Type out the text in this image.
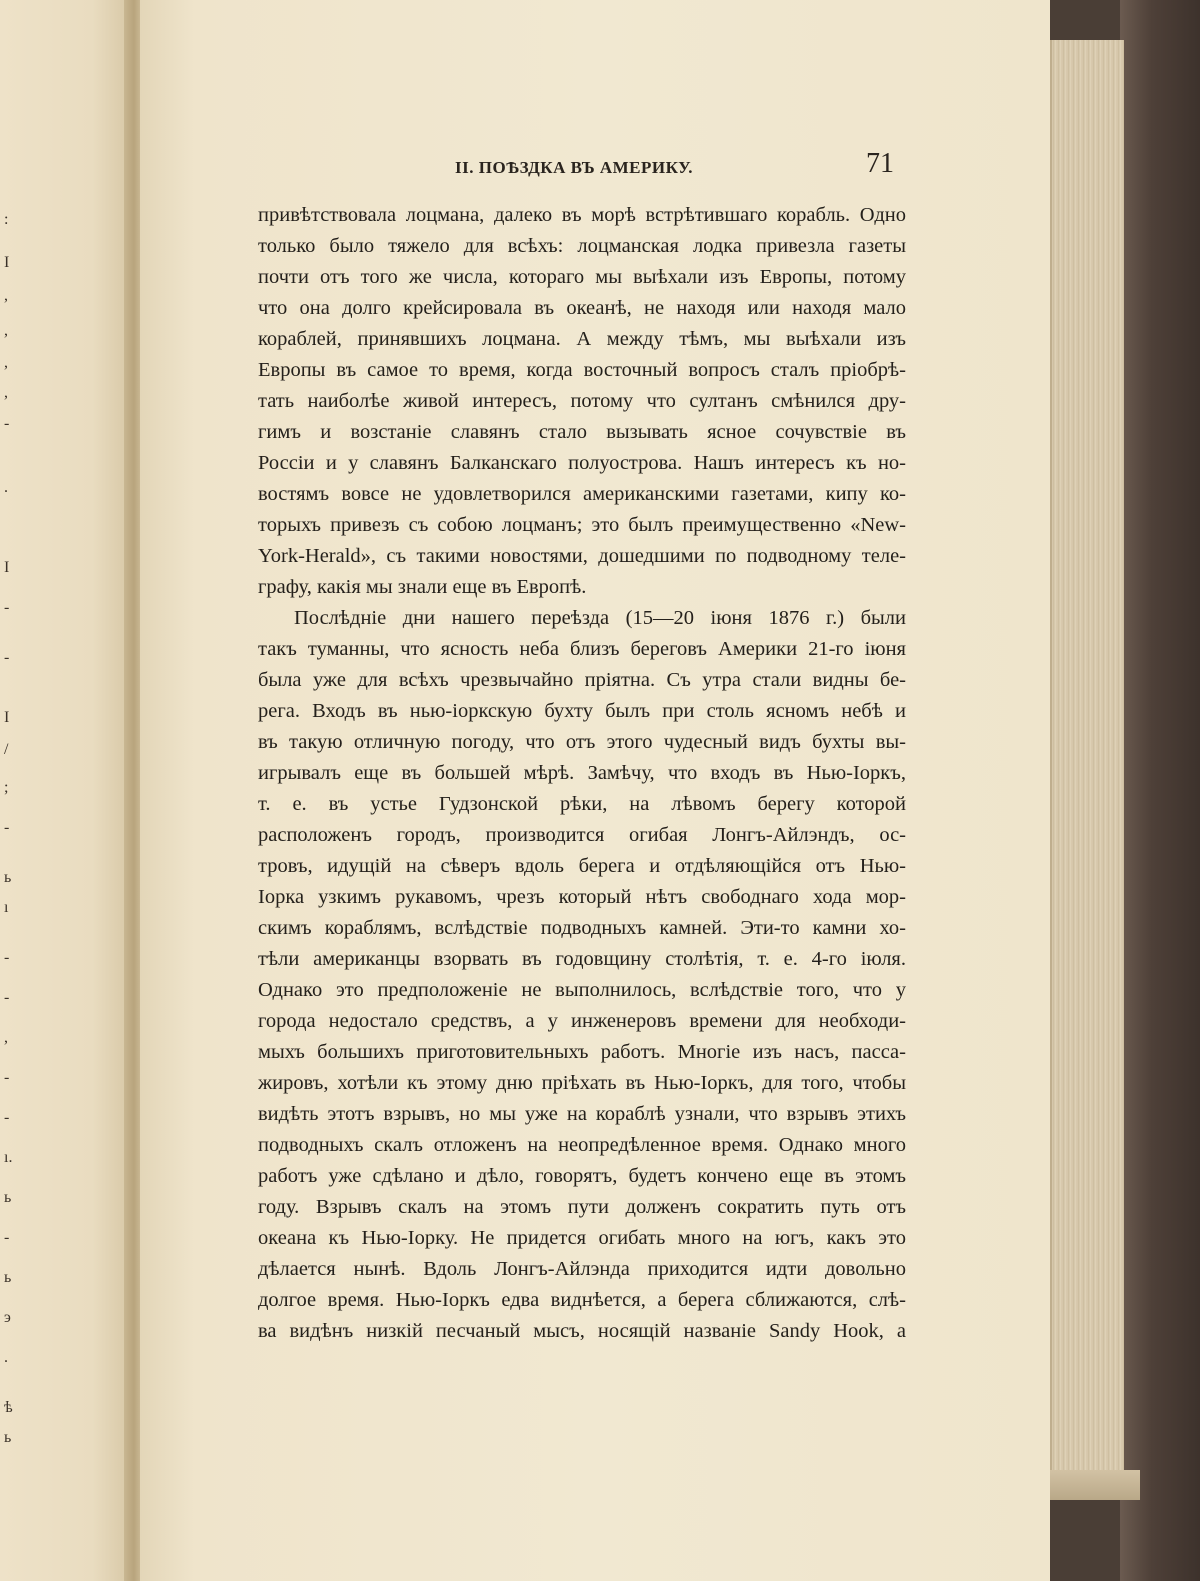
:
I
,
,
,
,
-
.
I
-
-
I
/
;
-
ь
ı
-
-
,
-
-
ı.
ь
-
ь
э
.
ѣ
ь
II. ПОѢЗДКА ВЪ АМЕРИКУ.	71
привѣтствовала лоцмана, далеко въ морѣ встрѣтившаго корабль. Одно
только было тяжело для всѣхъ: лоцманская лодка привезла газеты
почти отъ того же числа, котораго мы выѣхали изъ Европы, потому
что она долго крейсировала въ океанѣ, не находя или находя мало
кораблей, принявшихъ лоцмана. А между тѣмъ, мы выѣхали изъ
Европы въ самое то время, когда восточный вопросъ сталъ пріобрѣ-
тать наиболѣе живой интересъ, потому что султанъ смѣнился дру-
гимъ и возстаніе славянъ стало вызывать ясное сочувствіе въ
Россіи и у славянъ Балканскаго полуострова. Нашъ интересъ къ но-
востямъ вовсе не удовлетворился американскими газетами, кипу ко-
торыхъ привезъ съ собою лоцманъ; это былъ преимущественно «New-
York-Herald», съ такими новостями, дошедшими по подводному теле-
графу, какія мы знали еще въ Европѣ.
Послѣдніе дни нашего переѣзда (15—20 іюня 1876 г.) были
такъ туманны, что ясность неба близъ береговъ Америки 21-го іюня
была уже для всѣхъ чрезвычайно пріятна. Съ утра стали видны бе-
рега. Входъ въ нью-іоркскую бухту былъ при столь ясномъ небѣ и
въ такую отличную погоду, что отъ этого чудесный видъ бухты вы-
игрывалъ еще въ большей мѣрѣ. Замѣчу, что входъ въ Нью-Іоркъ,
т. е. въ устье Гудзонской рѣки, на лѣвомъ берегу которой
расположенъ городъ, производится огибая Лонгъ-Айлэндъ, ос-
тровъ, идущій на сѣверъ вдоль берега и отдѣляющійся отъ Нью-
Іорка узкимъ рукавомъ, чрезъ который нѣтъ свободнаго хода мор-
скимъ кораблямъ, вслѣдствіе подводныхъ камней. Эти-то камни хо-
тѣли американцы взорвать въ годовщину столѣтія, т. е. 4-го іюля.
Однако это предположеніе не выполнилось, вслѣдствіе того, что у
города недостало средствъ, а у инженеровъ времени для необходи-
мыхъ большихъ приготовительныхъ работъ. Многіе изъ насъ, пасса-
жировъ, хотѣли къ этому дню пріѣхать въ Нью-Іоркъ, для того, чтобы
видѣть этотъ взрывъ, но мы уже на кораблѣ узнали, что взрывъ этихъ
подводныхъ скалъ отложенъ на неопредѣленное время. Однако много
работъ уже сдѣлано и дѣло, говорятъ, будетъ кончено еще въ этомъ
году. Взрывъ скалъ на этомъ пути долженъ сократить путь отъ
океана къ Нью-Іорку. Не придется огибать много на югъ, какъ это
дѣлается нынѣ. Вдоль Лонгъ-Айлэнда приходится идти довольно
долгое время. Нью-Іоркъ едва виднѣется, а берега сближаются, слѣ-
ва видѣнъ низкій песчаный мысъ, носящій названіе Sandy Hook, а
